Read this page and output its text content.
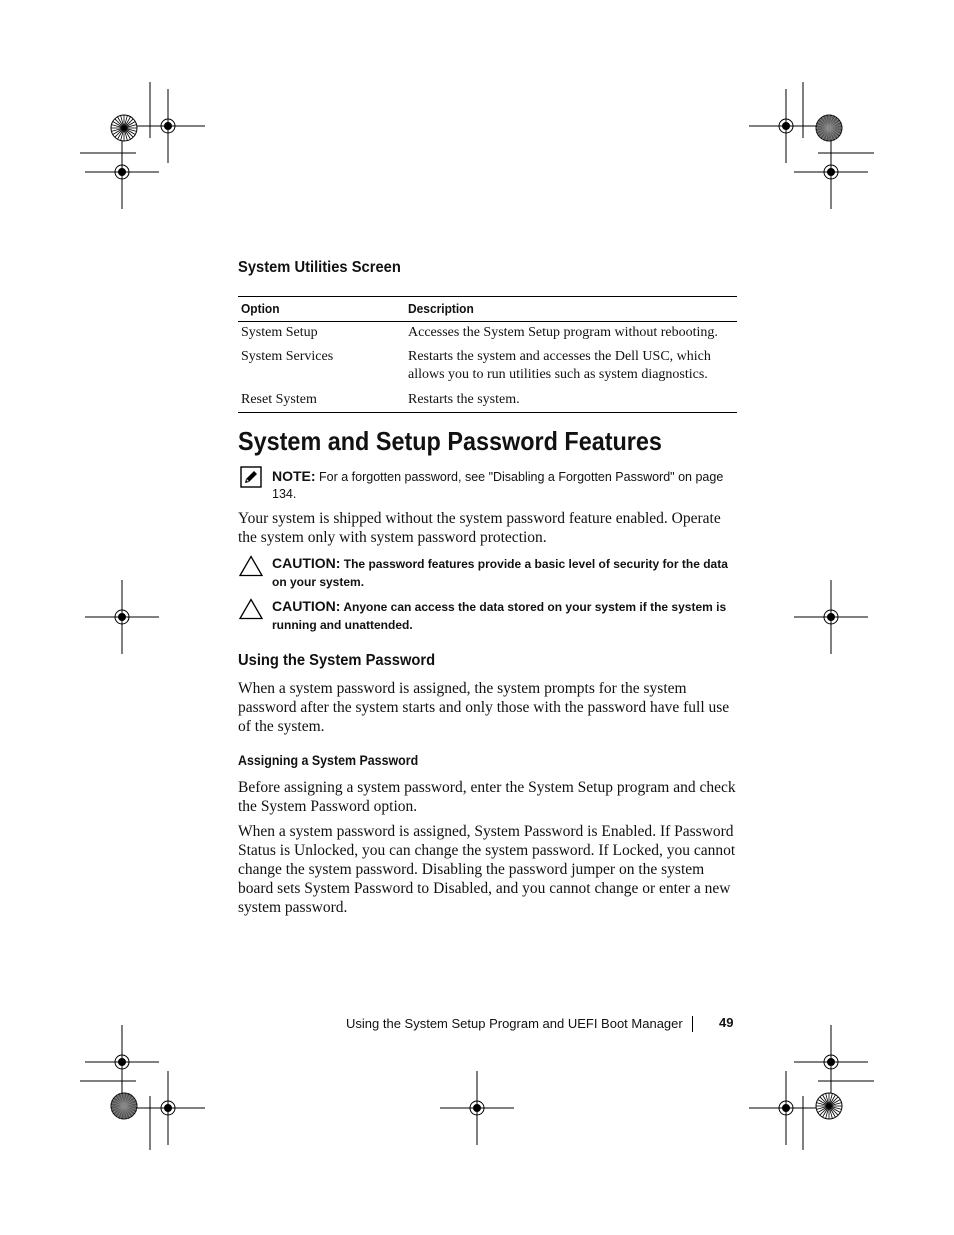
System Utilities Screen
Option	Description
System Setup	Accesses the System Setup program without rebooting.
System Services	Restarts the system and accesses the Dell USC, which allows you to run utilities such as system diagnostics.
Reset System	Restarts the system.
System and Setup Password Features
NOTE: For a forgotten password, see "Disabling a Forgotten Password" on page 134.
Your system is shipped without the system password feature enabled. Operate the system only with system password protection.
CAUTION: The password features provide a basic level of security for the data on your system.
CAUTION: Anyone can access the data stored on your system if the system is running and unattended.
Using the System Password
When a system password is assigned, the system prompts for the system password after the system starts and only those with the password have full use of the system.
Assigning a System Password
Before assigning a system password, enter the System Setup program and check the System Password option.
When a system password is assigned, System Password is Enabled. If Password Status is Unlocked, you can change the system password. If Locked, you cannot change the system password. Disabling the password jumper on the system board sets System Password to Disabled, and you cannot change or enter a new system password.
Using the System Setup Program and UEFI Boot Manager	49
